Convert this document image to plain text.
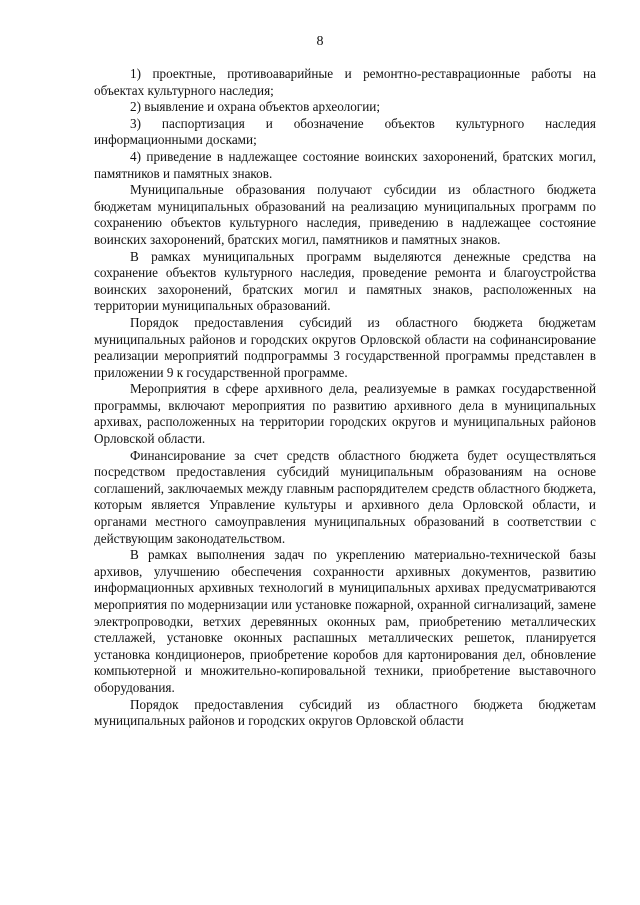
8

1) проектные, противоаварийные и ремонтно-реставрационные работы на объектах культурного наследия;

2) выявление и охрана объектов археологии;

3) паспортизация и обозначение объектов культурного наследия информационными досками;

4) приведение в надлежащее состояние воинских захоронений, братских могил, памятников и памятных знаков.

Муниципальные образования получают субсидии из областного бюджета бюджетам муниципальных образований на реализацию муниципальных программ по сохранению объектов культурного наследия, приведению в надлежащее состояние воинских захоронений, братских могил, памятников и памятных знаков.

В рамках муниципальных программ выделяются денежные средства на сохранение объектов культурного наследия, проведение ремонта и благоустройства воинских захоронений, братских могил и памятных знаков, расположенных на территории муниципальных образований.

Порядок предоставления субсидий из областного бюджета бюджетам муниципальных районов и городских округов Орловской области на софинансирование реализации мероприятий подпрограммы 3 государственной программы представлен в приложении 9 к государственной программе.

Мероприятия в сфере архивного дела, реализуемые в рамках государственной программы, включают мероприятия по развитию архивного дела в муниципальных архивах, расположенных на территории городских округов и муниципальных районов Орловской области.

Финансирование за счет средств областного бюджета будет осуществляться посредством предоставления субсидий муниципальным образованиям на основе соглашений, заключаемых между главным распорядителем средств областного бюджета, которым является Управление культуры и архивного дела Орловской области, и органами местного самоуправления муниципальных образований в соответствии с действующим законодательством.

В рамках выполнения задач по укреплению материально-технической базы архивов, улучшению обеспечения сохранности архивных документов, развитию информационных архивных технологий в муниципальных архивах предусматриваются мероприятия по модернизации или установке пожарной, охранной сигнализаций, замене электропроводки, ветхих деревянных оконных рам, приобретению металлических стеллажей, установке оконных распашных металлических решеток, планируется установка кондиционеров, приобретение коробов для картонирования дел, обновление компьютерной и множительно-копировальной техники, приобретение выставочного оборудования.

Порядок предоставления субсидий из областного бюджета бюджетам муниципальных районов и городских округов Орловской области
